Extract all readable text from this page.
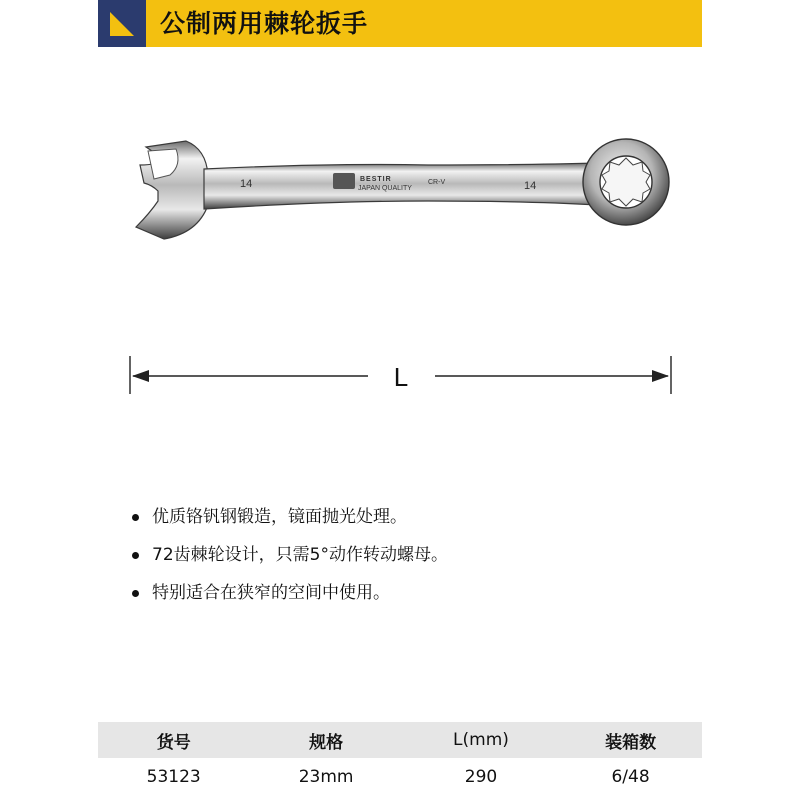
公制两用棘轮扳手
14	14
BESTIR
JAPAN QUALITY
CR-V
L
优质铬钒钢锻造，镜面抛光处理。
72齿棘轮设计，只需5°动作转动螺母。
特别适合在狭窄的空间中使用。
货号	规格	L(mm)	装箱数
53123	23mm	290	6/48
